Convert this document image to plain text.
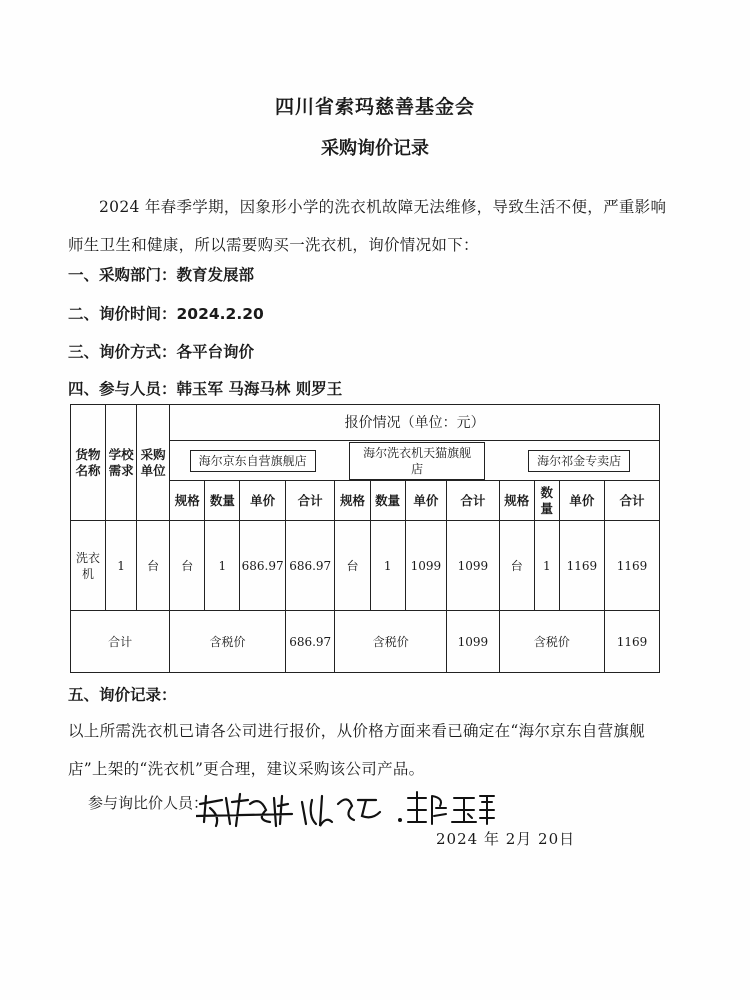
四川省索玛慈善基金会
采购询价记录
2024 年春季学期，因象形小学的洗衣机故障无法维修，导致生活不便，严重影响师生卫生和健康，所以需要购买一洗衣机，询价情况如下：
一、采购部门：教育发展部
二、询价时间：2024.2.20
三、询价方式：各平台询价
四、参与人员：韩玉军 马海马林 则罗王
货物名称	学校需求	采购单位	报价情况（单位：元）											
			海尔京东自营旗舰店				海尔洗衣机天猫旗舰店				海尔祁金专卖店			
			规格	数量	单价	合计	规格	数量	单价	合计	规格	数量	单价	合计
洗衣机	1	台	台	1	686.97	686.97	台	1	1099	1099	台	1	1169	1169
合计			含税价			686.97	含税价			1099	含税价			1169
五、询价记录：
以上所需洗衣机已请各公司进行报价，从价格方面来看已确定在“海尔京东自营旗舰店”上架的“洗衣机”更合理，建议采购该公司产品。
参与询比价人员：
2024 年 2月 20日
